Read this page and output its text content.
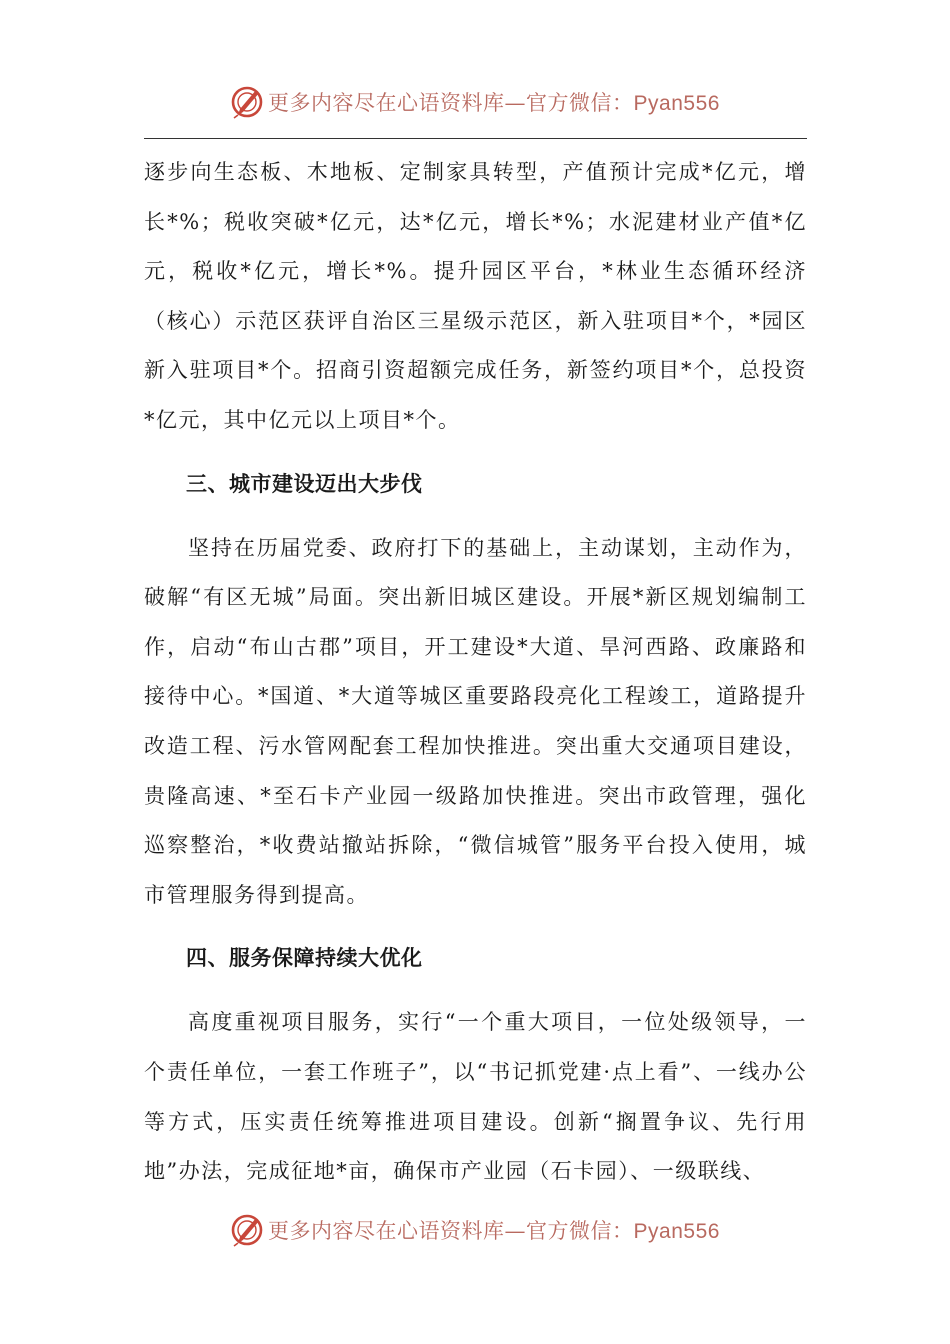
更多内容尽在心语资料库—官方微信：Pyan556

逐步向生态板、木地板、定制家具转型，产值预计完成*亿元，增长*%；税收突破*亿元，达*亿元，增长*%；水泥建材业产值*亿元，税收*亿元，增长*%。提升园区平台，*林业生态循环经济（核心）示范区获评自治区三星级示范区，新入驻项目*个，*园区新入驻项目*个。招商引资超额完成任务，新签约项目*个，总投资*亿元，其中亿元以上项目*个。

三、城市建设迈出大步伐

坚持在历届党委、政府打下的基础上，主动谋划，主动作为，破解“有区无城”局面。突出新旧城区建设。开展*新区规划编制工作，启动“布山古郡”项目，开工建设*大道、旱河西路、政廉路和接待中心。*国道、*大道等城区重要路段亮化工程竣工，道路提升改造工程、污水管网配套工程加快推进。突出重大交通项目建设，贵隆高速、*至石卡产业园一级路加快推进。突出市政管理，强化巡察整治，*收费站撤站拆除，“微信城管”服务平台投入使用，城市管理服务得到提高。

四、服务保障持续大优化

高度重视项目服务，实行“一个重大项目，一位处级领导，一个责任单位，一套工作班子”，以“书记抓党建·点上看”、一线办公等方式，压实责任统筹推进项目建设。创新“搁置争议、先行用地”办法，完成征地*亩，确保市产业园（石卡园）、一级联线、

更多内容尽在心语资料库—官方微信：Pyan556
